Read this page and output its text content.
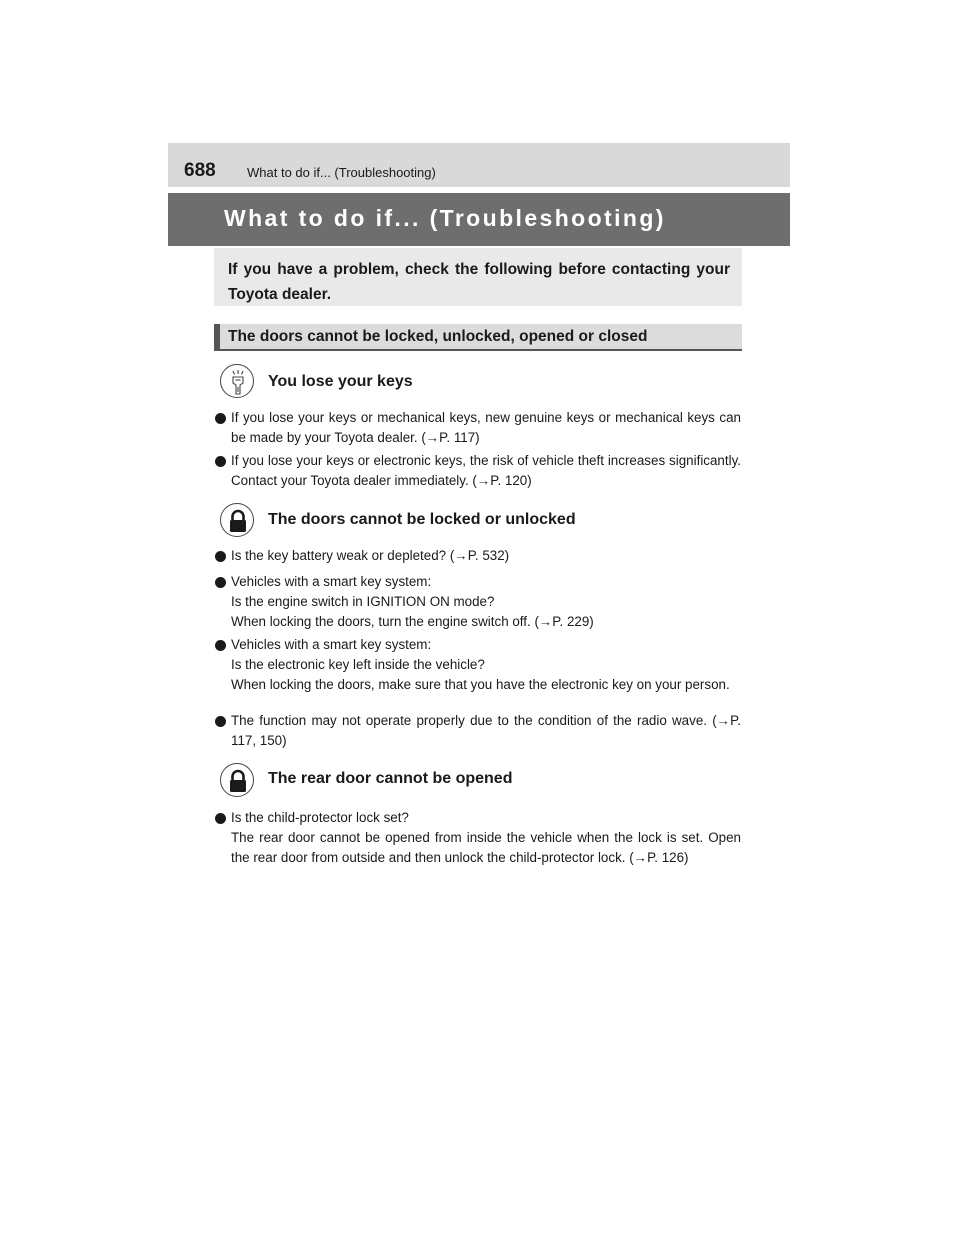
688 What to do if... (Troubleshooting)
What to do if... (Troubleshooting)
If you have a problem, check the following before contacting your Toyota dealer.
The doors cannot be locked, unlocked, opened or closed
You lose your keys
If you lose your keys or mechanical keys, new genuine keys or mechanical keys can be made by your Toyota dealer. (→P. 117)
If you lose your keys or electronic keys, the risk of vehicle theft increases significantly. Contact your Toyota dealer immediately. (→P. 120)
The doors cannot be locked or unlocked
Is the key battery weak or depleted? (→P. 532)
Vehicles with a smart key system:
Is the engine switch in IGNITION ON mode?
When locking the doors, turn the engine switch off. (→P. 229)
Vehicles with a smart key system:
Is the electronic key left inside the vehicle?
When locking the doors, make sure that you have the electronic key on your person.
The function may not operate properly due to the condition of the radio wave. (→P. 117, 150)
The rear door cannot be opened
Is the child-protector lock set?
The rear door cannot be opened from inside the vehicle when the lock is set. Open the rear door from outside and then unlock the child-protector lock. (→P. 126)
